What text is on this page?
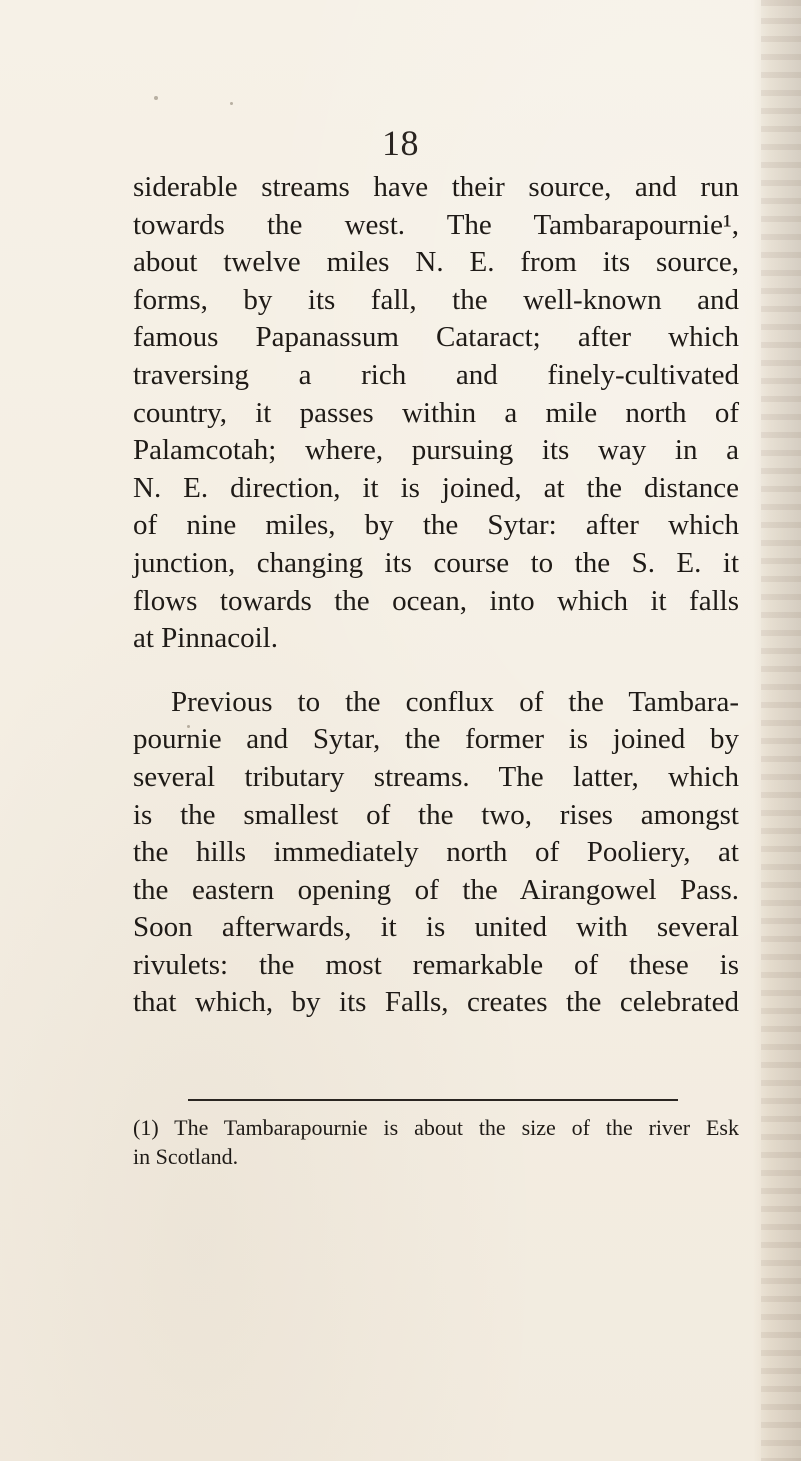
18
siderable streams have their source, and run
towards the west. The Tambarapournie¹,
about twelve miles N. E. from its source,
forms, by its fall, the well-known and
famous Papanassum Cataract; after which
traversing a rich and finely-cultivated
country, it passes within a mile north of
Palamcotah; where, pursuing its way in a
N. E. direction, it is joined, at the distance
of nine miles, by the Sytar: after which
junction, changing its course to the S. E. it
flows towards the ocean, into which it falls
at Pinnacoil.
Previous to the conflux of the Tambara-
pournie and Sytar, the former is joined by
several tributary streams. The latter, which
is the smallest of the two, rises amongst
the hills immediately north of Pooliery, at
the eastern opening of the Airangowel Pass.
Soon afterwards, it is united with several
rivulets: the most remarkable of these is
that which, by its Falls, creates the celebrated
(1) The Tambarapournie is about the size of the river Esk
in Scotland.
